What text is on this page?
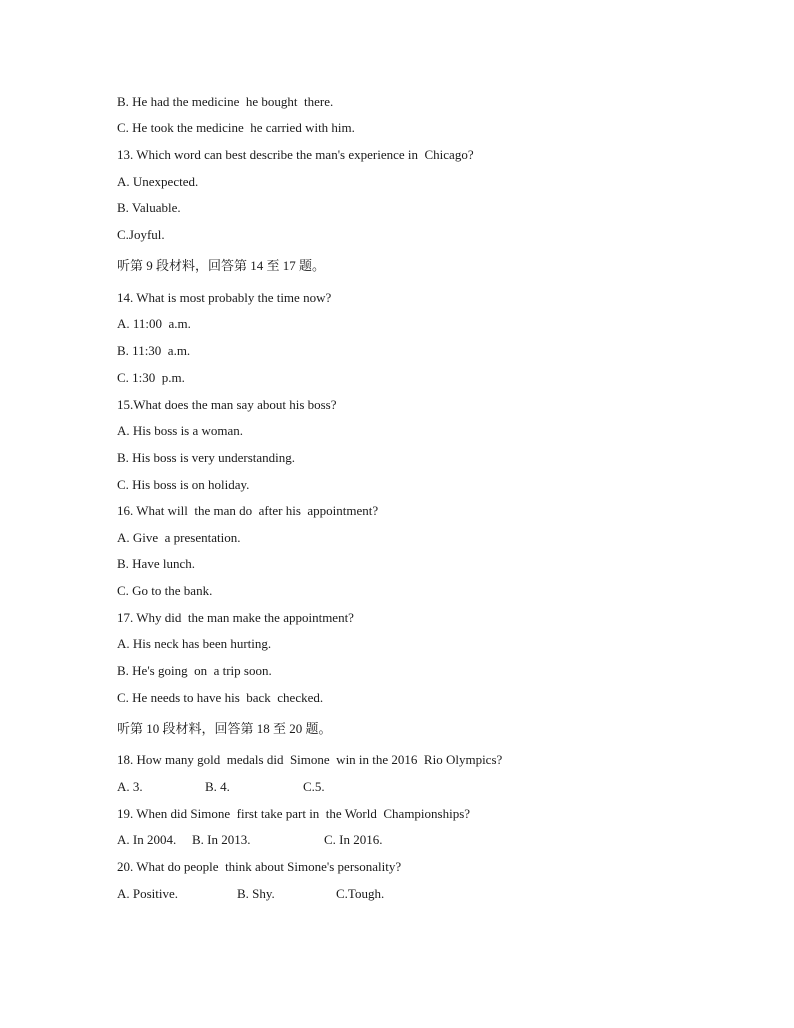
B. He had the medicine  he bought  there.
C. He took the medicine  he carried with him.
13. Which word can best describe the man's experience in  Chicago?
A. Unexpected.
B. Valuable.
C.Joyful.
听第 9 段材料，回答第 14 至 17 题。
14. What is most probably the time now?
A. 11:00  a.m.
B. 11:30  a.m.
C. 1:30  p.m.
15.What does the man say about his boss?
A. His boss is a woman.
B. His boss is very understanding.
C. His boss is on holiday.
16. What will  the man do  after his  appointment?
A. Give  a presentation.
B. Have lunch.
C. Go to the bank.
17. Why did  the man make the appointment?
A. His neck has been hurting.
B. He's going  on  a trip soon.
C. He needs to have his  back  checked.
听第 10 段材料，回答第 18 至 20 题。
18. How many gold  medals did  Simone  win in the 2016  Rio Olympics?

A. 3.

	B. 4.

	C.5.

19. When did Simone  first take part in  the World  Championships?

A. In 2004.

B. In 2013.

	C. In 2016.

20. What do people  think about Simone's personality?

A. Positive.

	B. Shy.

	C.Tough.
